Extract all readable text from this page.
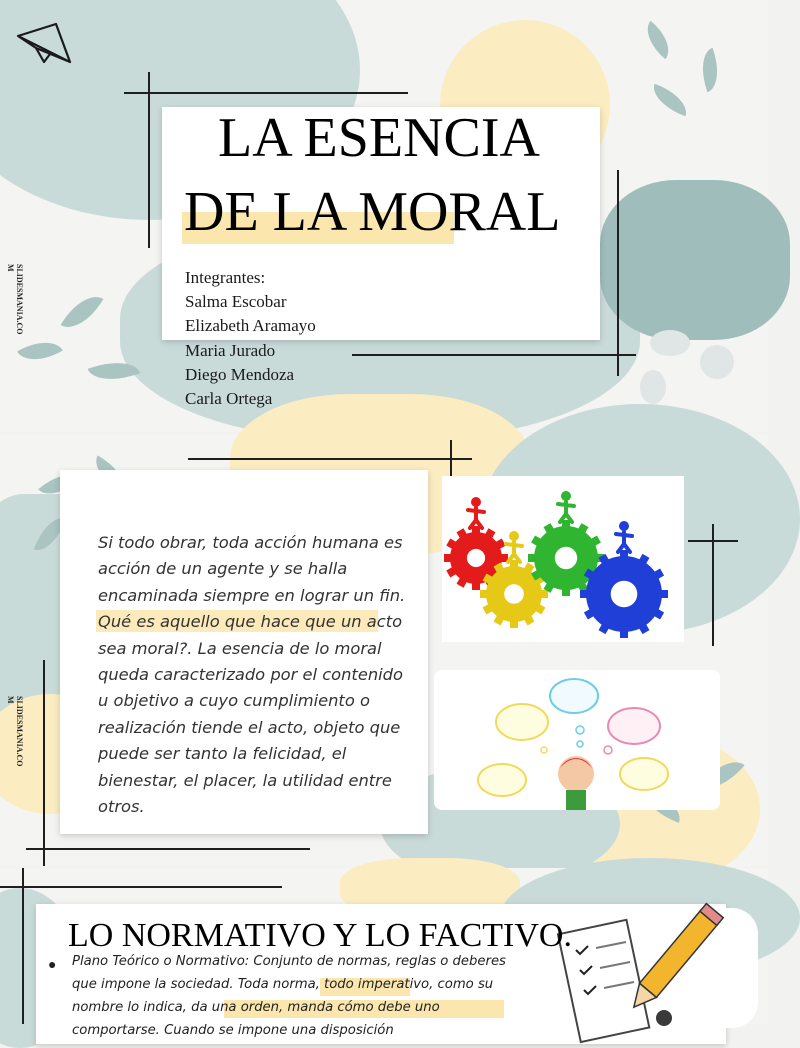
LA ESENCIA
DE LA MORAL
Integrantes:
Salma Escobar
Elizabeth Aramayo
Maria Jurado
Diego Mendoza
Carla Ortega
SLIDESMANIA.CO
M
SLIDESMANIA.CO
M
Si todo obrar, toda acción humana es acción de un agente y se halla encaminada siempre en lograr un fin. Qué es aquello que hace que un acto sea moral?. La esencia de lo moral queda caracterizado por el contenido u objetivo a cuyo cumplimiento o realización tiende el acto, objeto que puede ser tanto la felicidad, el bienestar, el placer, la utilidad entre otros.
LO NORMATIVO Y LO FACTIVO.
● Plano Teórico o Normativo: Conjunto de normas, reglas o deberes que impone la sociedad. Toda norma, todo imperativo, como su nombre lo indica, da una orden, manda cómo debe uno comportarse. Cuando se impone una disposición
